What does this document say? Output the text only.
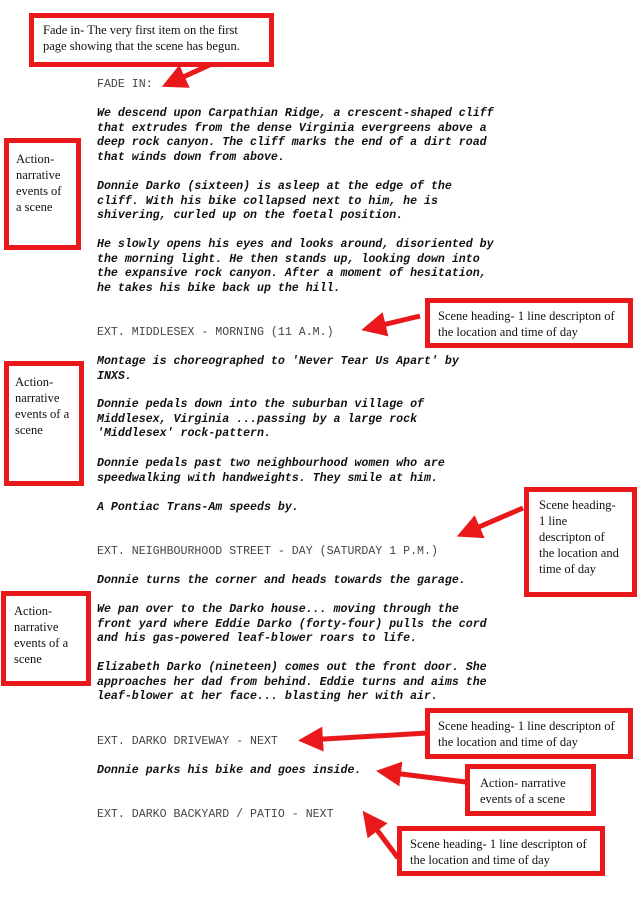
FADE IN:
We descend upon Carpathian Ridge, a crescent-shaped cliff
that extrudes from the dense Virginia evergreens above a
deep rock canyon. The cliff marks the end of a dirt road
that winds down from above.
Donnie Darko (sixteen) is asleep at the edge of the
cliff. With his bike collapsed next to him, he is
shivering, curled up on the foetal position.
He slowly opens his eyes and looks around, disoriented by
the morning light. He then stands up, looking down into
the expansive rock canyon. After a moment of hesitation,
he takes his bike back up the hill.
EXT. MIDDLESEX - MORNING (11 A.M.)
Montage is choreographed to 'Never Tear Us Apart' by
INXS.
Donnie pedals down into the suburban village of
Middlesex, Virginia ...passing by a large rock
'Middlesex' rock-pattern.
Donnie pedals past two neighbourhood women who are
speedwalking with handweights. They smile at him.
A Pontiac Trans-Am speeds by.
EXT. NEIGHBOURHOOD STREET - DAY (SATURDAY 1 P.M.)
Donnie turns the corner and heads towards the garage.
We pan over to the Darko house... moving through the
front yard where Eddie Darko (forty-four) pulls the cord
and his gas-powered leaf-blower roars to life.
Elizabeth Darko (nineteen) comes out the front door. She
approaches her dad from behind. Eddie turns and aims the
leaf-blower at her face... blasting her with air.
EXT. DARKO DRIVEWAY - NEXT
Donnie parks his bike and goes inside.
EXT. DARKO BACKYARD / PATIO - NEXT

Fade in- The very first item on the first page showing that the scene has begun.

Action- narrative events of a scene

Action- narrative events of a scene

Action- narrative events of a scene

Scene heading- 1 line descripton of the location and time of day

Scene heading- 1 line descripton of the location and time of day

Scene heading- 1 line descripton of the location and time of day

Action- narrative events of a scene

Scene heading- 1 line descripton of the location and time of day
